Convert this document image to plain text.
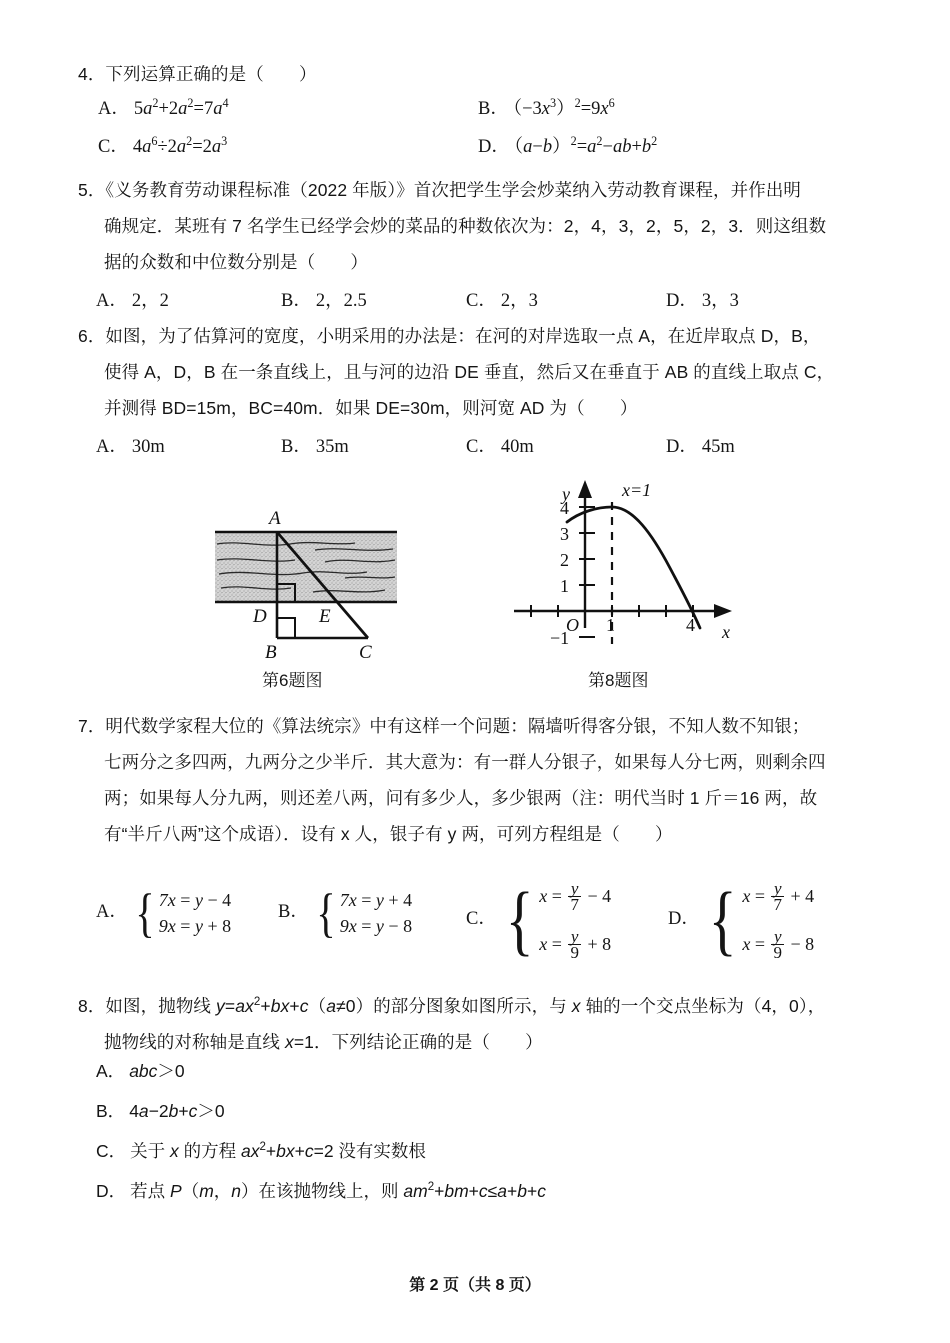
4．下列运算正确的是（　　）
A． $5a^2+2a^2=7a^4$	B． $(-3x^3)^2=9x^6$
C． $4a^6\div 2a^2=2a^3$	D． $(a-b)^2=a^2-ab+b^2$
5．《义务教育劳动课程标准（2022 年版）》首次把学生学会炒菜纳入劳动教育课程，并作出明
确规定．某班有 7 名学生已经学会炒的菜品的种数依次为：2，4，3，2，5，2，3．则这组数
据的众数和中位数分别是（　　）
A． 2，2	B． 2，2.5	C． 2，3	D． 3，3
6．如图，为了估算河的宽度，小明采用的办法是：在河的对岸选取一点 A，在近岸取点 D，B，
使得 A，D，B 在一条直线上，且与河的边沿 DE 垂直，然后又在垂直于 AB 的直线上取点 C，
并测得 BD=15m，BC=40m．如果 DE=30m，则河宽 AD 为（　　）
A． 30m	B． 35m	C． 40m	D． 45m
A
D	E
B	C
第6题图
y
x
4
3
2
1
−1
O 1	4
x=1
第8题图
7．明代数学家程大位的《算法统宗》中有这样一个问题：隔墙听得客分银，不知人数不知银；
七两分之多四两，九两分之少半斤．其大意为：有一群人分银子，如果每人分七两，则剩余四
两；如果每人分九两，则还差八两，问有多少人，多少银两（注：明代当时 1 斤＝16 两，故
有“半斤八两”这个成语）．设有 x 人，银子有 y 两，可列方程组是（　　）
A． { 7x = y − 4
9x = y + 8
B． { 7x = y + 4
9x = y − 8	C． { $x = \frac{y}{7} - 4$
$x = \frac{y}{9} + 8$
D． { $x = \frac{y}{7} + 4$
$x = \frac{y}{9} - 8$
8．如图，抛物线 $y=ax^2+bx+c(a\ne 0)$的部分图象如图所示，与 x 轴的一个交点坐标为（4，0），
抛物线的对称轴是直线 x=1．下列结论正确的是（　　）
A． abc＞0
B． 4a−2b+c＞0
C． 关于 x 的方程 $ax^2+bx+c=2$ 没有实数根
D． 若点 P（m，n）在该抛物线上，则 $am^2+bm+c\le a+b+c$
第 2 页（共 8 页）
